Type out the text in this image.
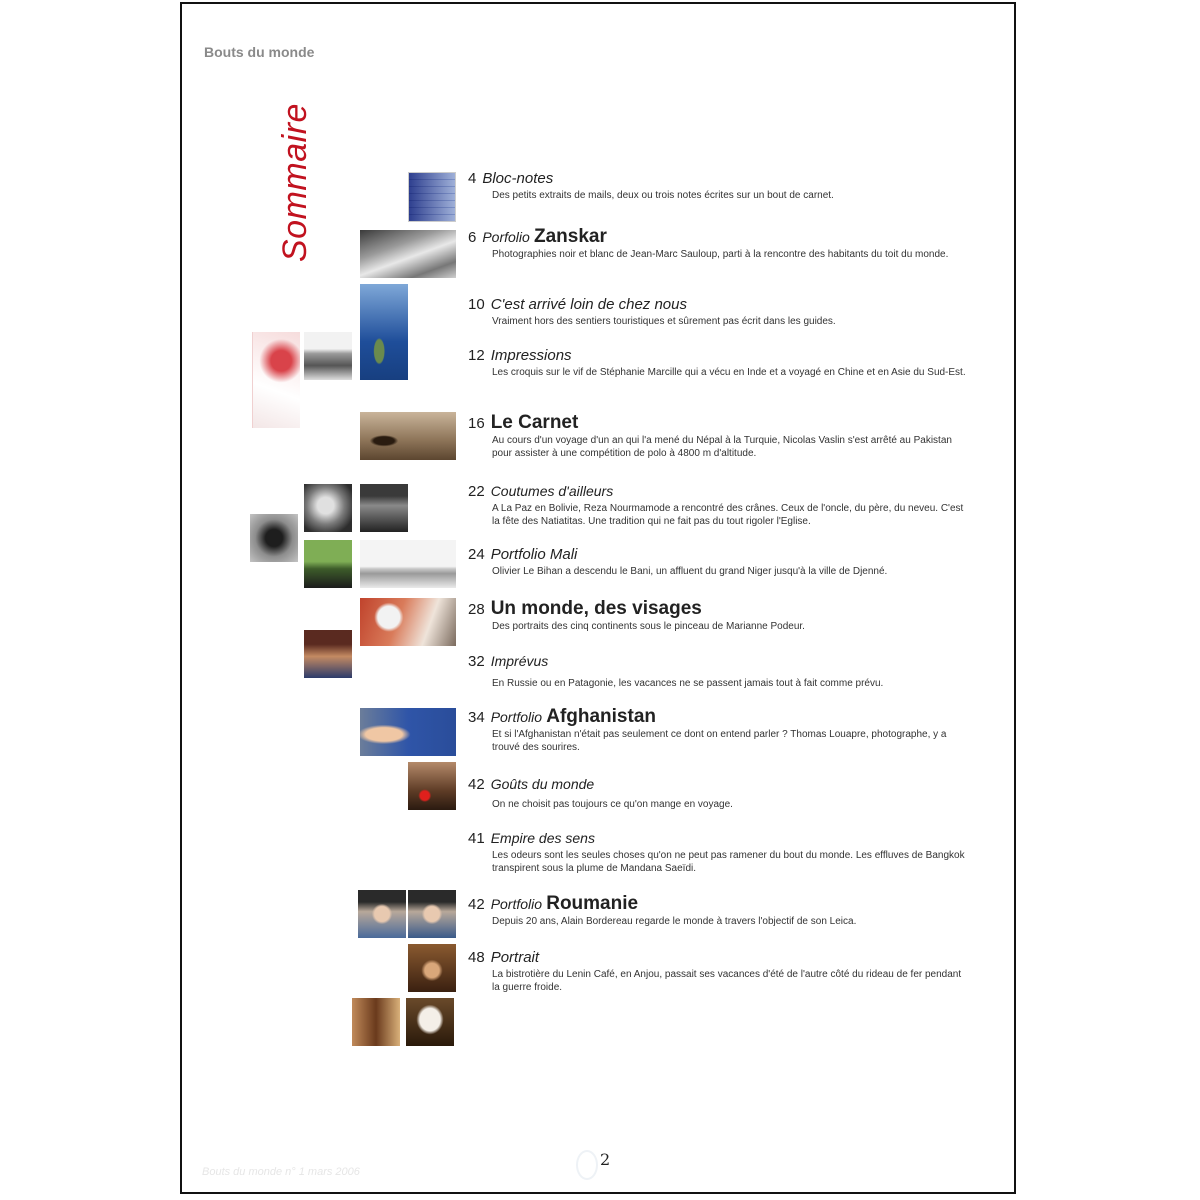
Bouts du monde
Sommaire	4 Bloc-notes
Des petits extraits de mails, deux ou trois notes écrites sur un bout de carnet.
6 Porfolio Zanskar
Photographies noir et blanc de Jean-Marc Sauloup, parti à la rencontre des habitants du toit du monde.
10 C'est arrivé loin de chez nous
Vraiment hors des sentiers touristiques et sûrement pas écrit dans les guides.
12 Impressions
Les croquis sur le vif de Stéphanie Marcille qui a vécu en Inde et a voyagé en Chine et en Asie du Sud-Est.
16 Le Carnet
Au cours d'un voyage d'un an qui l'a mené du Népal à la Turquie, Nicolas Vaslin s'est arrêté au Pakistan pour assister à une compétition de polo à 4800 m d'altitude.
22 Coutumes d'ailleurs
A La Paz en Bolivie, Reza Nourmamode a rencontré des crânes. Ceux de l'oncle, du père, du neveu. C'est la fête des Natiatitas. Une tradition qui ne fait pas du tout rigoler l'Eglise.
24 Portfolio Mali
Olivier Le Bihan a descendu le Bani, un affluent du grand Niger jusqu'à la ville de Djenné.
28 Un monde, des visages
Des portraits des cinq continents sous le pinceau de Marianne Podeur.
32 Imprévus
En Russie ou en Patagonie, les vacances ne se passent jamais tout à fait comme prévu.
34 Portfolio Afghanistan
Et si l'Afghanistan n'était pas seulement ce dont on entend parler ? Thomas Louapre, photographe, y a trouvé des sourires.
42 Goûts du monde
On ne choisit pas toujours ce qu'on mange en voyage.
41 Empire des sens
Les odeurs sont les seules choses qu'on ne peut pas ramener du bout du monde. Les effluves de Bangkok transpirent sous la plume de Mandana Saeïdi.
42 Portfolio Roumanie
Depuis 20 ans, Alain Bordereau regarde le monde à travers l'objectif de son Leica.
48 Portrait
La bistrotière du Lenin Café, en Anjou, passait ses vacances d'été de l'autre côté du rideau de fer pendant la guerre froide.
Bouts du monde n° 1 mars 2006
2
